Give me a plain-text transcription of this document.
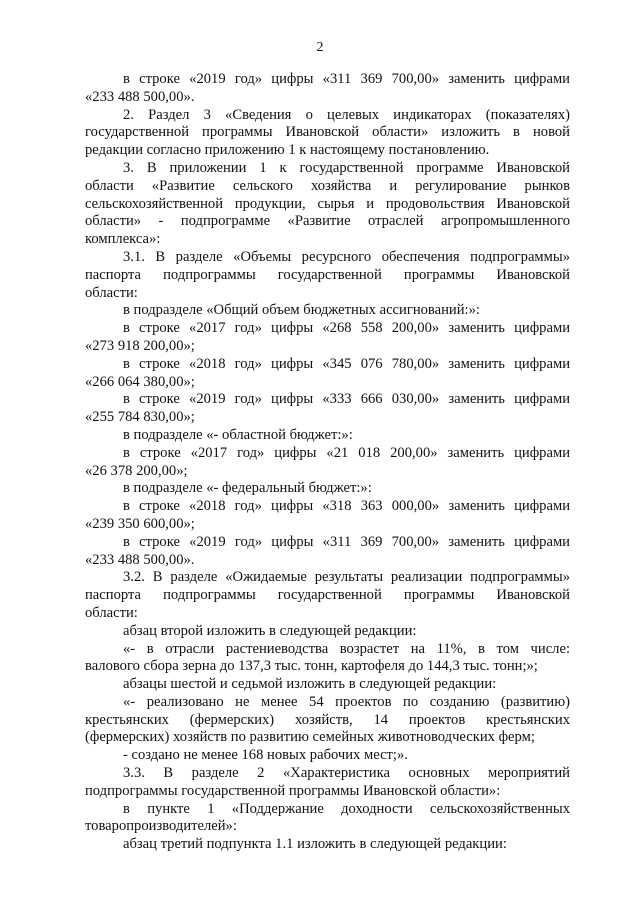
2

в строке «2019 год» цифры «311 369 700,00» заменить цифрами

«233 488 500,00».

2. Раздел 3 «Сведения о целевых индикаторах (показателях)

государственной программы Ивановской области» изложить в новой

редакции согласно приложению 1 к настоящему постановлению.

3. В приложении 1 к государственной программе Ивановской

области «Развитие сельского хозяйства и регулирование рынков

сельскохозяйственной продукции, сырья и продовольствия Ивановской

области» - подпрограмме «Развитие отраслей агропромышленного

комплекса»:

3.1. В разделе «Объемы ресурсного обеспечения подпрограммы»

паспорта подпрограммы государственной программы Ивановской

области:

в подразделе «Общий объем бюджетных ассигнований:»:

в строке «2017 год» цифры «268 558 200,00» заменить цифрами

«273 918 200,00»;

в строке «2018 год» цифры «345 076 780,00» заменить цифрами

«266 064 380,00»;

в строке «2019 год» цифры «333 666 030,00» заменить цифрами

«255 784 830,00»;

в подразделе «- областной бюджет:»:

в строке «2017 год» цифры «21 018 200,00» заменить цифрами

«26 378 200,00»;

в подразделе «- федеральный бюджет:»:

в строке «2018 год» цифры «318 363 000,00» заменить цифрами

«239 350 600,00»;

в строке «2019 год» цифры «311 369 700,00» заменить цифрами

«233 488 500,00».

3.2. В разделе «Ожидаемые результаты реализации подпрограммы»

паспорта подпрограммы государственной программы Ивановской

области:

абзац второй изложить в следующей редакции:

«- в отрасли растениеводства возрастет на 11%, в том числе:

валового сбора зерна до 137,3 тыс. тонн, картофеля до 144,3 тыс. тонн;»;

абзацы шестой и седьмой изложить в следующей редакции:

«- реализовано не менее 54 проектов по созданию (развитию)

крестьянских (фермерских) хозяйств, 14 проектов крестьянских

(фермерских) хозяйств по развитию семейных животноводческих ферм;

- создано не менее 168 новых рабочих мест;».

3.3. В разделе 2 «Характеристика основных мероприятий

подпрограммы государственной программы Ивановской области»:

в пункте 1 «Поддержание доходности сельскохозяйственных

товаропроизводителей»:

абзац третий подпункта 1.1 изложить в следующей редакции:
